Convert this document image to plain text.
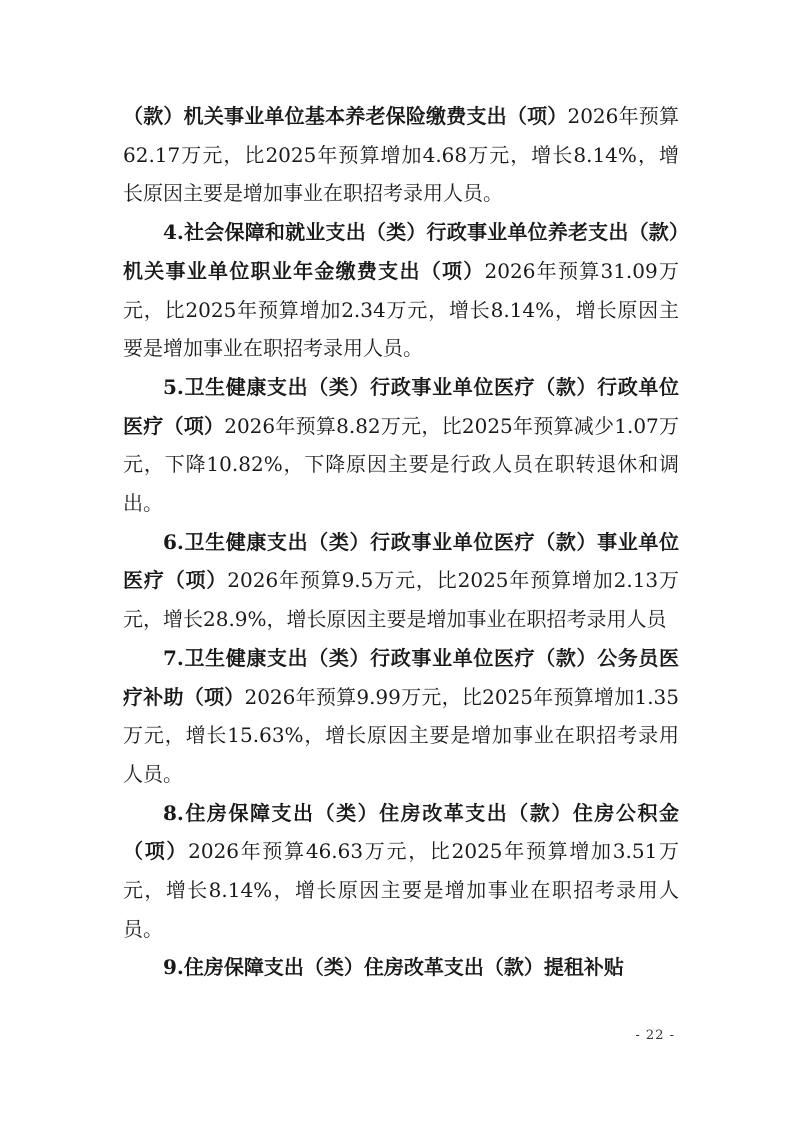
（款）机关事业单位基本养老保险缴费支出（项）2026年预算62.17万元，比2025年预算增加4.68万元，增长8.14%，增长原因主要是增加事业在职招考录用人员。

4.社会保障和就业支出（类）行政事业单位养老支出（款）机关事业单位职业年金缴费支出（项）2026年预算31.09万元，比2025年预算增加2.34万元，增长8.14%，增长原因主要是增加事业在职招考录用人员。

5.卫生健康支出（类）行政事业单位医疗（款）行政单位医疗（项）2026年预算8.82万元，比2025年预算减少1.07万元，下降10.82%，下降原因主要是行政人员在职转退休和调出。

6.卫生健康支出（类）行政事业单位医疗（款）事业单位医疗（项）2026年预算9.5万元，比2025年预算增加2.13万元，增长28.9%，增长原因主要是增加事业在职招考录用人员

7.卫生健康支出（类）行政事业单位医疗（款）公务员医疗补助（项）2026年预算9.99万元，比2025年预算增加1.35万元，增长15.63%，增长原因主要是增加事业在职招考录用人员。

8.住房保障支出（类）住房改革支出（款）住房公积金（项）2026年预算46.63万元，比2025年预算增加3.51万元，增长8.14%，增长原因主要是增加事业在职招考录用人员。

9.住房保障支出（类）住房改革支出（款）提租补贴

- 22 -
